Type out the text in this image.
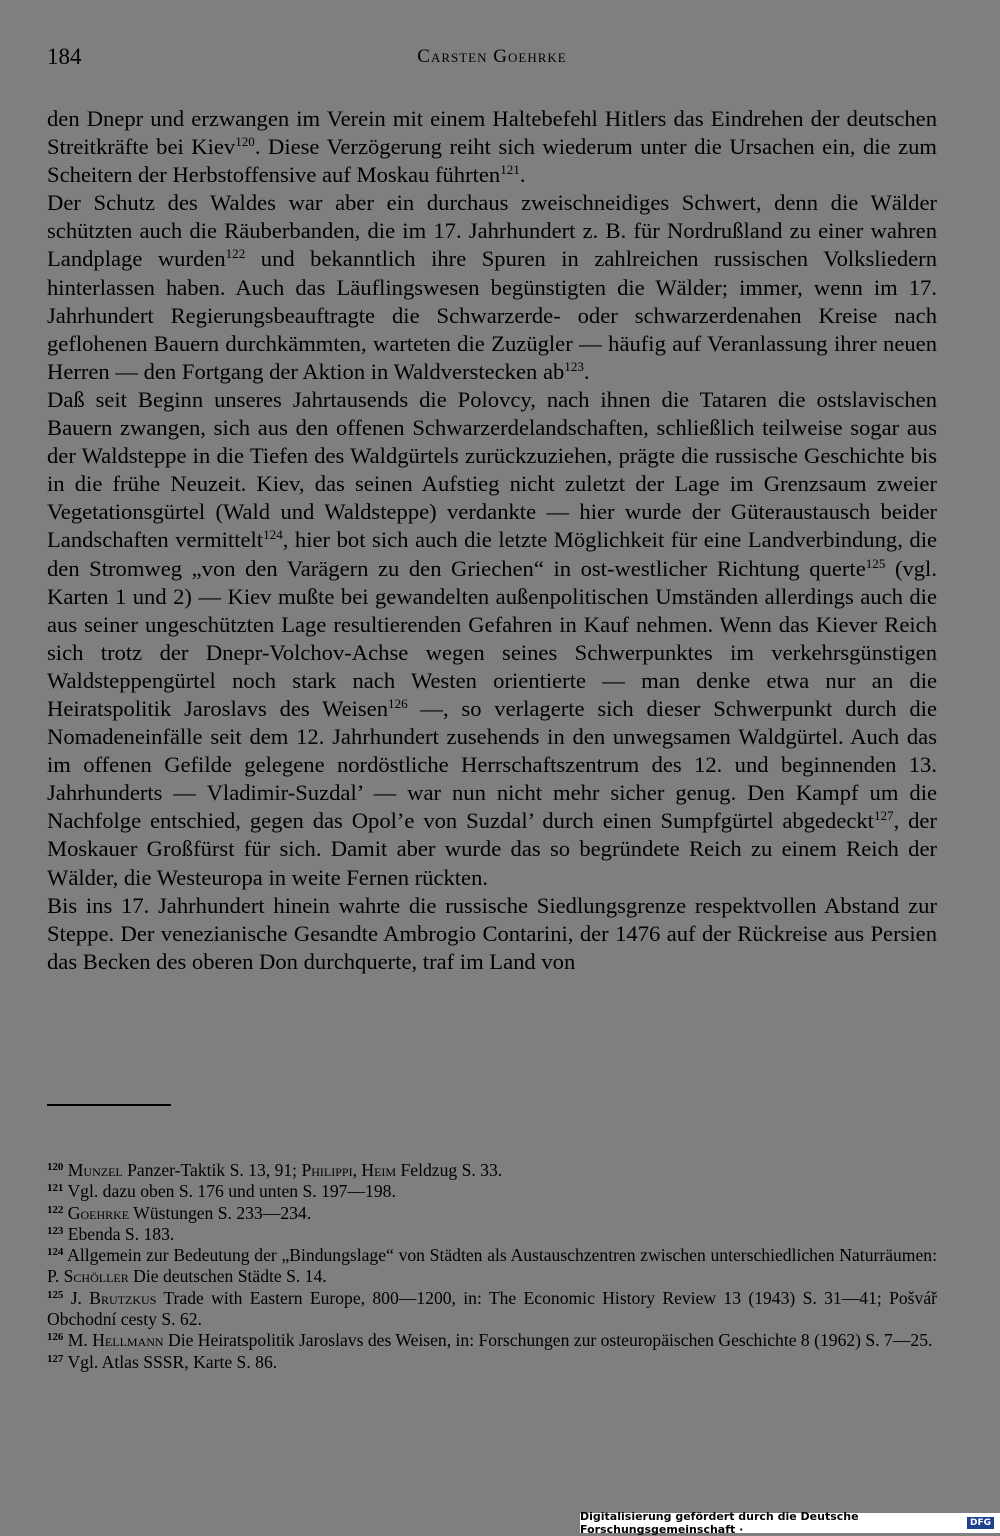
184	Carsten Goehrke

den Dnepr und erzwangen im Verein mit einem Haltebefehl Hitlers das Eindrehen der deutschen Streitkräfte bei Kiev$^{120}$. Diese Verzögerung reiht sich wiederum unter die Ursachen ein, die zum Scheitern der Herbstoffensive auf Moskau führten$^{121}$.

Der Schutz des Waldes war aber ein durchaus zweischneidiges Schwert, denn die Wälder schützten auch die Räuberbanden, die im 17. Jahrhundert z. B. für Nordrußland zu einer wahren Landplage wurden$^{122}$ und bekanntlich ihre Spuren in zahlreichen russischen Volksliedern hinterlassen haben. Auch das Läuflingswesen begünstigten die Wälder; immer, wenn im 17. Jahrhundert Regierungsbeauftragte die Schwarzerde- oder schwarzerdenahen Kreise nach geflohenen Bauern durchkämmten, warteten die Zuzügler — häufig auf Veranlassung ihrer neuen Herren — den Fortgang der Aktion in Waldverstecken $ab^{123}$.

Daß seit Beginn unseres Jahrtausends die Polovcy, nach ihnen die Tataren die ostslavischen Bauern zwangen, sich aus den offenen Schwarzerdelandschaften, schließlich teilweise sogar aus der Waldsteppe in die Tiefen des Waldgürtels zurückzuziehen, prägte die russische Geschichte bis in die frühe Neuzeit. Kiev, das seinen Aufstieg nicht zuletzt der Lage im Grenzsaum zweier Vegetationsgürtel (Wald und Waldsteppe) verdankte — hier wurde der Güteraustausch beider Landschaften vermittelt$^{124}$, hier bot sich auch die letzte Möglichkeit für eine Landverbindung, die den Stromweg „von den Varägern zu den Griechen“ in ost-westlicher Richtung querte$^{125}$ (vgl. Karten 1 und 2) — Kiev mußte bei gewandelten außenpolitischen Umständen allerdings auch die aus seiner ungeschützten Lage resultierenden Gefahren in Kauf nehmen. Wenn das Kiever Reich sich trotz der Dnepr-Volchov-Achse wegen seines Schwerpunktes im verkehrsgünstigen Waldsteppengürtel noch stark nach Westen orientierte — man denke etwa nur an die Heiratspolitik Jaroslavs des Weisen$^{126}$ —, so verlagerte sich dieser Schwerpunkt durch die Nomadeneinfälle seit dem 12. Jahrhundert zusehends in den unwegsamen Waldgürtel. Auch das im offenen Gefilde gelegene nordöstliche Herrschaftszentrum des 12. und beginnenden 13. Jahrhunderts — Vladimir-Suzdal’ — war nun nicht mehr sicher genug. Den Kampf um die Nachfolge entschied, gegen das Opol’e von Suzdal’ durch einen Sumpfgürtel abgedeckt$^{127}$, der Moskauer Großfürst für sich. Damit aber wurde das so begründete Reich zu einem Reich der Wälder, die Westeuropa in weite Fernen rückten.

Bis ins 17. Jahrhundert hinein wahrte die russische Siedlungsgrenze respektvollen Abstand zur Steppe. Der venezianische Gesandte Ambrogio Contarini, der 1476 auf der Rückreise aus Persien das Becken des oberen Don durchquerte, traf im Land von

$^{120}$ Munzel Panzer-Taktik S. 13, 91; Philippi, Heim Feldzug S. 33.

$^{121}$ Vgl. dazu oben S. 176 und unten S. 197—198.

$^{122}$ Goehrke Wüstungen S. 233—234.

$^{123}$ Ebenda S. 183.

$^{124}$ Allgemein zur Bedeutung der „Bindungslage“ von Städten als Austauschzentren zwischen unterschiedlichen Naturräumen: P. Schöller Die deutschen Städte S. 14.

$^{125}$ J. Brutzkus Trade with Eastern Europe, 800—1200, in: The Economic History Review 13 (1943) S. 31—41; Pošvář Obchodní cesty S. 62.

$^{126}$ M. Hellmann Die Heiratspolitik Jaroslavs des Weisen, in: Forschungen zur osteuropäischen Geschichte 8 (1962) S. 7—25.

$^{127}$ Vgl. Atlas SSSR, Karte S. 86.

Digitalisierung gefördert durch die Deutsche Forschungsgemeinschaft ·	DFG
